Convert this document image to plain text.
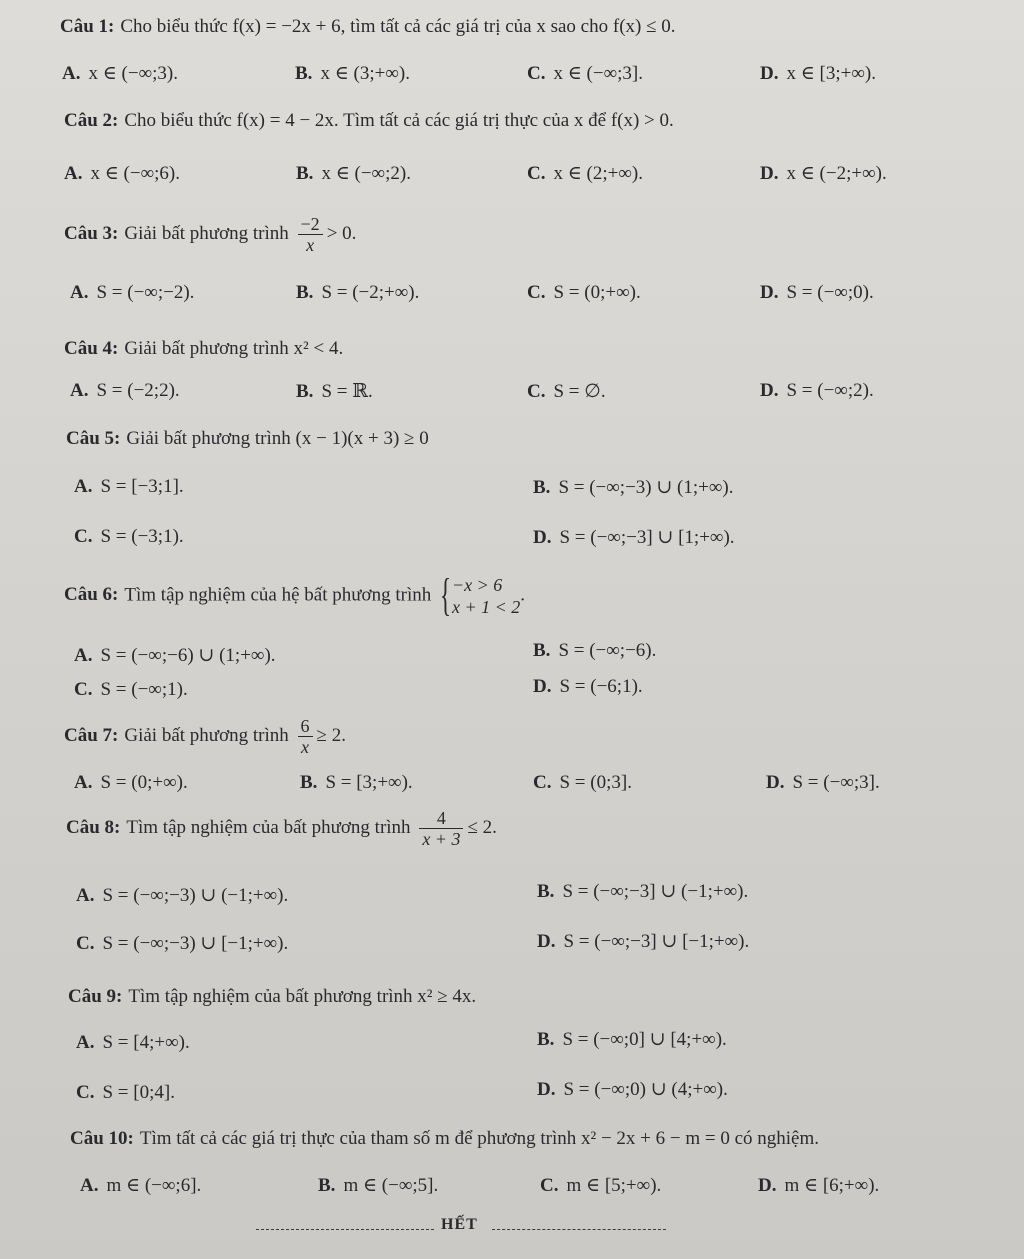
Câu 1: Cho biểu thức f(x) = −2x + 6, tìm tất cả các giá trị của x sao cho f(x) ≤ 0.
A. x ∈ (−∞;3).	B. x ∈ (3;+∞).	C. x ∈ (−∞;3].	D. x ∈ [3;+∞).
Câu 2: Cho biểu thức f(x) = 4 − 2x. Tìm tất cả các giá trị thực của x để f(x) > 0.
A. x ∈ (−∞;6).	B. x ∈ (−∞;2).	C. x ∈ (2;+∞).	D. x ∈ (−2;+∞).
Câu 3: Giải bất phương trình $\frac{-2}{x} > 0$.
A. S = (−∞;−2).	B. S = (−2;+∞).	C. S = (0;+∞).	D. S = (−∞;0).
Câu 4: Giải bất phương trình x² < 4.
A. S = (−2;2).	B. S = ℝ.	C. S = ∅.	D. S = (−∞;2).
Câu 5: Giải bất phương trình (x − 1)(x + 3) ≥ 0
A. S = [−3;1].	B. S = (−∞;−3) ∪ (1;+∞).
C. S = (−3;1).	D. S = (−∞;−3] ∪ [1;+∞).
Câu 6: Tìm tập nghiệm của hệ bất phương trình { −x > 6
x + 1 < 2
.
A. S = (−∞;−6) ∪ (1;+∞).	B. S = (−∞;−6).
C. S = (−∞;1).	D. S = (−6;1).
Câu 7: Giải bất phương trình $\frac{6}{x} \ge 2$.
A. S = (0;+∞).	B. S = [3;+∞).	C. S = (0;3].	D. S = (−∞;3].
Câu 8: Tìm tập nghiệm của bất phương trình $\frac{4}{x + 3} \le 2$.
A. S = (−∞;−3) ∪ (−1;+∞).	B. S = (−∞;−3] ∪ (−1;+∞).
C. S = (−∞;−3) ∪ [−1;+∞).	D. S = (−∞;−3] ∪ [−1;+∞).
Câu 9: Tìm tập nghiệm của bất phương trình x² ≥ 4x.
A. S = [4;+∞).	B. S = (−∞;0] ∪ [4;+∞).
C. S = [0;4].	D. S = (−∞;0) ∪ (4;+∞).
Câu 10: Tìm tất cả các giá trị thực của tham số m để phương trình x² − 2x + 6 − m = 0 có nghiệm.
A. m ∈ (−∞;6].	B. m ∈ (−∞;5].	C. m ∈ [5;+∞).	D. m ∈ [6;+∞).
HẾT
